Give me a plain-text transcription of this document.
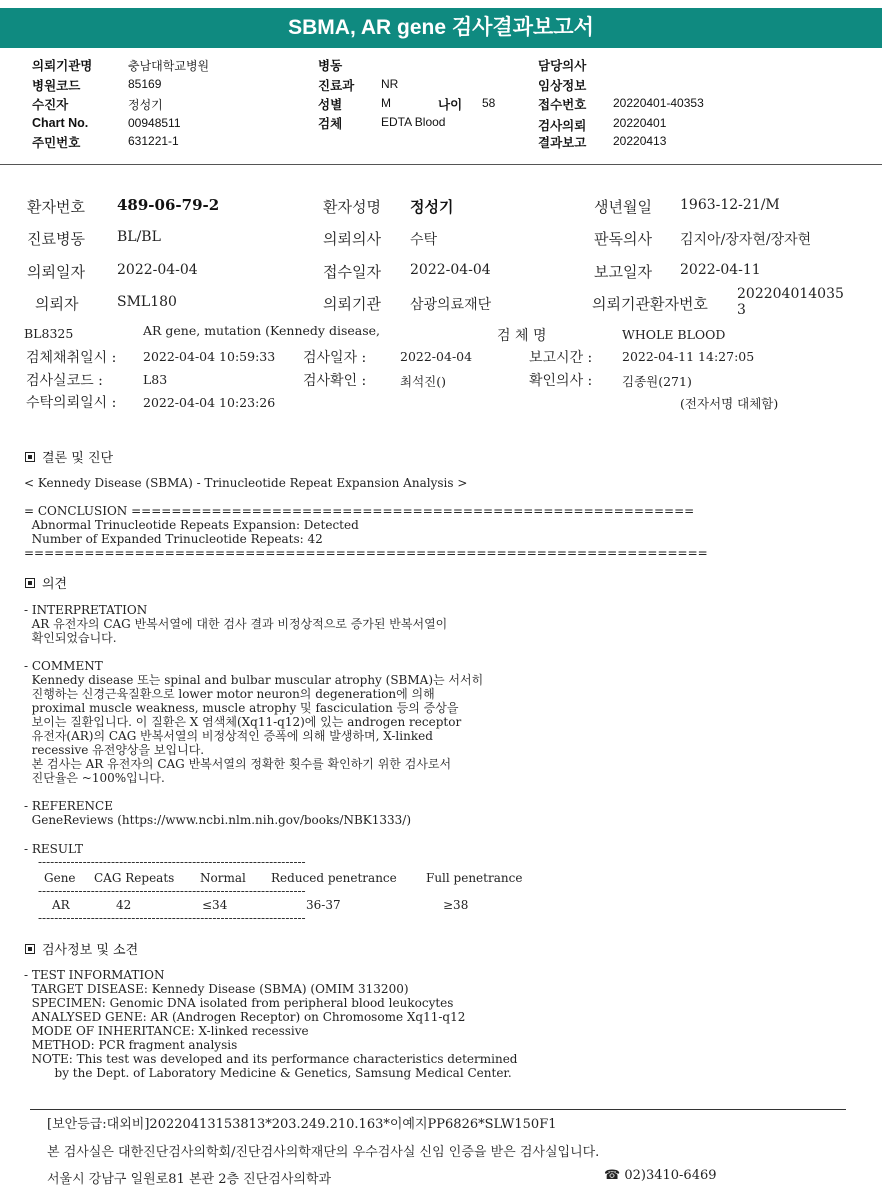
SBMA, AR gene 검사결과보고서
의뢰기관명	충남대학교병원
병원코드	85169
수진자	정성기
Chart No.	00948511
주민번호	631221-1
병동
진료과 NR
성별	M	나이 58
검체	EDTA Blood
담당의사
임상정보
접수번호 20220401-40353
검사의뢰 20220401
결과보고 20220413
환자번호 489-06-79-2	환자성명 정성기	생년월일 1963-12-21/M
진료병동 BL/BL	의뢰의사 수탁	판독의사 김지아/장자현/장자현
의뢰일자 2022-04-04	접수일자 2022-04-04	보고일자 2022-04-11
의뢰자	SML180	의뢰기관 삼광의료재단	의뢰기관환자번호
202204014035
3
BL8325	AR gene, mutation (Kennedy disease,	검 체 명	WHOLE BLOOD
검체채취일시 : 2022-04-04 10:59:33 검사일자 :	2022-04-04	보고시간 : 2022-04-11 14:27:05
검사실코드 :	L83	검사확인 :	최석진()	확인의사 : 김종원(271)
수탁의뢰일시 : 2022-04-04 10:23:26	(전자서명 대체함)
결론 및 진단
< Kennedy Disease (SBMA) - Trinucleotide Repeat Expansion Analysis >
= CONCLUSION ========================================================
Abnormal Trinucleotide Repeats Expansion: Detected
Number of Expanded Trinucleotide Repeats: 42
====================================================================
의견
- INTERPRETATION
AR 유전자의 CAG 반복서열에 대한 검사 결과 비정상적으로 증가된 반복서열이
확인되었습니다.
- COMMENT
Kennedy disease 또는 spinal and bulbar muscular atrophy (SBMA)는 서서히
진행하는 신경근육질환으로 lower motor neuron의 degeneration에 의해
proximal muscle weakness, muscle atrophy 및 fasciculation 등의 증상을
보이는 질환입니다. 이 질환은 X 염색체(Xq11-q12)에 있는 androgen receptor
유전자(AR)의 CAG 반복서열의 비정상적인 증폭에 의해 발생하며, X-linked
recessive 유전양상을 보입니다.
본 검사는 AR 유전자의 CAG 반복서열의 정확한 횟수를 확인하기 위한 검사로서
진단율은 ~100%입니다.
- REFERENCE
GeneReviews (https://www.ncbi.nlm.nih.gov/books/NBK1333/)
- RESULT
------------------------------------------------------------------
Gene CAG Repeats Normal Reduced penetrance Full penetrance
------------------------------------------------------------------
AR	42	≤34	36-37	≥38
------------------------------------------------------------------
검사정보 및 소견
- TEST INFORMATION
TARGET DISEASE: Kennedy Disease (SBMA) (OMIM 313200)
SPECIMEN: Genomic DNA isolated from peripheral blood leukocytes
ANALYSED GENE: AR (Androgen Receptor) on Chromosome Xq11-q12
MODE OF INHERITANCE: X-linked recessive
METHOD: PCR fragment analysis
NOTE: This test was developed and its performance characteristics determined
by the Dept. of Laboratory Medicine & Genetics, Samsung Medical Center.
[보안등급:대외비]20220413153813*203.249.210.163*이예지PP6826*SLW150F1
본 검사실은 대한진단검사의학회/진단검사의학재단의 우수검사실 신임 인증을 받은 검사실입니다.
서울시 강남구 일원로81 본관 2층 진단검사의학과	☎ 02)3410-6469
